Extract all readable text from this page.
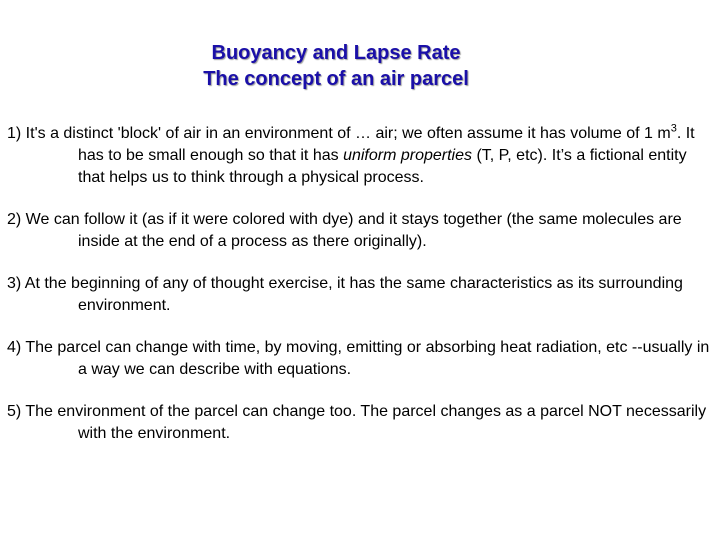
Buoyancy and Lapse Rate
The concept of an air parcel
1) It's a distinct 'block' of air in an environment of … air; we often assume it has volume of 1 $m^3$. It has to be small enough so that it has uniform properties (T, P, etc). It’s a fictional entity that helps us to think through a physical process.
2) We can follow it (as if it were colored with dye) and it stays together (the same molecules are inside at the end of a process as there originally).
3) At the beginning of any of thought exercise, it has the same characteristics as its surrounding environment.
4) The parcel can change with time, by moving, emitting or absorbing heat radiation, etc --usually in a way we can describe with equations.
5) The environment of the parcel can change too. The parcel changes as a parcel NOT necessarily with the environment.
